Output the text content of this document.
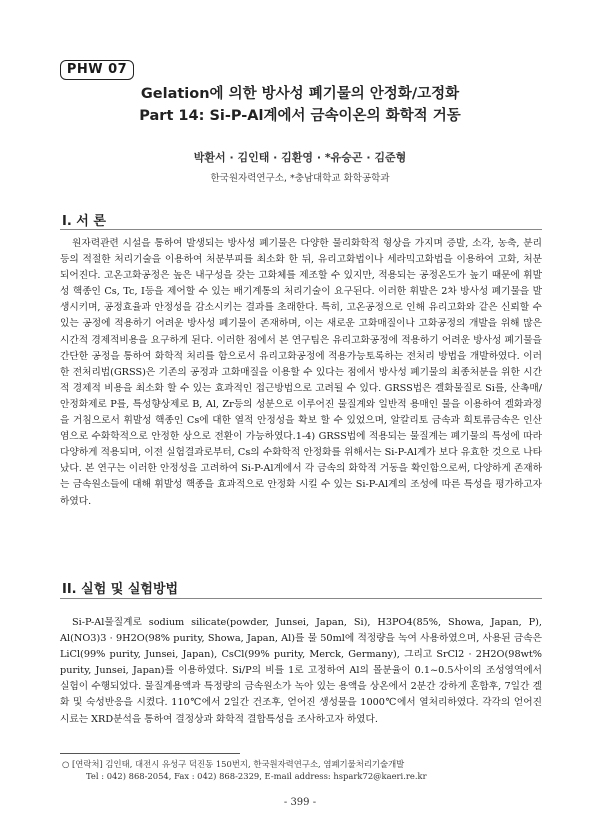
PHW 07
Gelation에 의한 방사성 폐기물의 안정화/고정화
Part 14: Si-P-Al계에서 금속이온의 화학적 거동
박환서 · 김인태 · 김환영 · *유승곤 · 김준형
한국원자력연구소, *충남대학교 화학공학과
I. 서 론

원자력관련 시설을 통하여 발생되는 방사성 폐기물은 다양한 물리화학적 형상을 가지며 증발, 소각, 농축, 분리 등의 적절한 처리기술을 이용하여 처분부피를 최소화 한 뒤, 유리고화법이나 세라믹고화법을 이용하여 고화, 처분되어진다. 고온고화공정은 높은 내구성을 갖는 고화체를 제조할 수 있지만, 적용되는 공정온도가 높기 때문에 휘발성 핵종인 Cs, Tc, I등을 제어할 수 있는 배기계통의 처리기술이 요구된다. 이러한 휘발은 2차 방사성 폐기물을 발생시키며, 공정효율과 안정성을 감소시키는 결과를 초래한다. 특히, 고온공정으로 인해 유리고화와 같은 신뢰할 수 있는 공정에 적용하기 어려운 방사성 폐기물이 존재하며, 이는 새로운 고화매질이나 고화공정의 개발을 위해 많은 시간적 경제적비용을 요구하게 된다. 이러한 점에서 본 연구팀은 유리고화공정에 적용하기 어려운 방사성 폐기물을 간단한 공정을 통하여 화학적 처리를 함으로서 유리고화공정에 적용가능토록하는 전처리 방법을 개발하였다. 이러한 전처리법(GRSS)은 기존의 공정과 고화매질을 이용할 수 있다는 점에서 방사성 폐기물의 최종처분을 위한 시간적 경제적 비용을 최소화 할 수 있는 효과적인 접근방법으로 고려될 수 있다. GRSS법은 겔화물질로 Si를, 산촉매/안정화제로 P를, 특성향상제로 B, Al, Zr등의 성분으로 이루어진 물질계와 일반적 용매인 물을 이용하여 겔화과정을 거침으로서 휘발성 핵종인 Cs에 대한 열적 안정성을 확보 할 수 있었으며, 알칼리토 금속과 희토류금속은 인산염으로 수화학적으로 안정한 상으로 전환이 가능하였다.1-4) GRSS법에 적용되는 물질계는 폐기물의 특성에 따라 다양하게 적용되며, 이전 실험결과로부터, Cs의 수화학적 안정화를 위해서는 Si-P-Al계가 보다 유효한 것으로 나타났다. 본 연구는 이러한 안정성을 고려하여 Si-P-Al계에서 각 금속의 화학적 거동을 확인함으로써, 다양하게 존재하는 금속원소들에 대해 휘발성 핵종을 효과적으로 안정화 시킬 수 있는 Si-P-Al계의 조성에 따른 특성을 평가하고자 하였다.

II. 실험 및 실험방법

Si-P-Al물질계로 sodium silicate(powder, Junsei, Japan, Si), H3PO4(85%, Showa, Japan, P), Al(NO3)3 · 9H2O(98% purity, Showa, Japan, Al)를 물 50ml에 적정량을 녹여 사용하였으며, 사용된 금속은 LiCl(99% purity, Junsei, Japan), CsCl(99% purity, Merck, Germany), 그리고 SrCl2 · 2H2O(98wt% purity, Junsei, Japan)를 이용하였다. Si/P의 비를 1로 고정하여 Al의 몰분율이 0.1~0.5사이의 조성영역에서 실험이 수행되었다. 물질계용액과 특정량의 금속원소가 녹아 있는 용액을 상온에서 2분간 강하게 혼합후, 7일간 겔화 및 숙성반응을 시켰다. 110℃에서 2일간 건조후, 얻어진 생성물을 1000℃에서 열처리하였다. 각각의 얻어진 시료는 XRD분석을 통하여 결정상과 화학적 결합특성을 조사하고자 하였다.

○ [연락처] 김인태, 대전시 유성구 덕진동 150번지, 한국원자력연구소, 염폐기물처리기술개발
Tel : 042) 868-2054, Fax : 042) 868-2329, E-mail address: hspark72@kaeri.re.kr
- 399 -
